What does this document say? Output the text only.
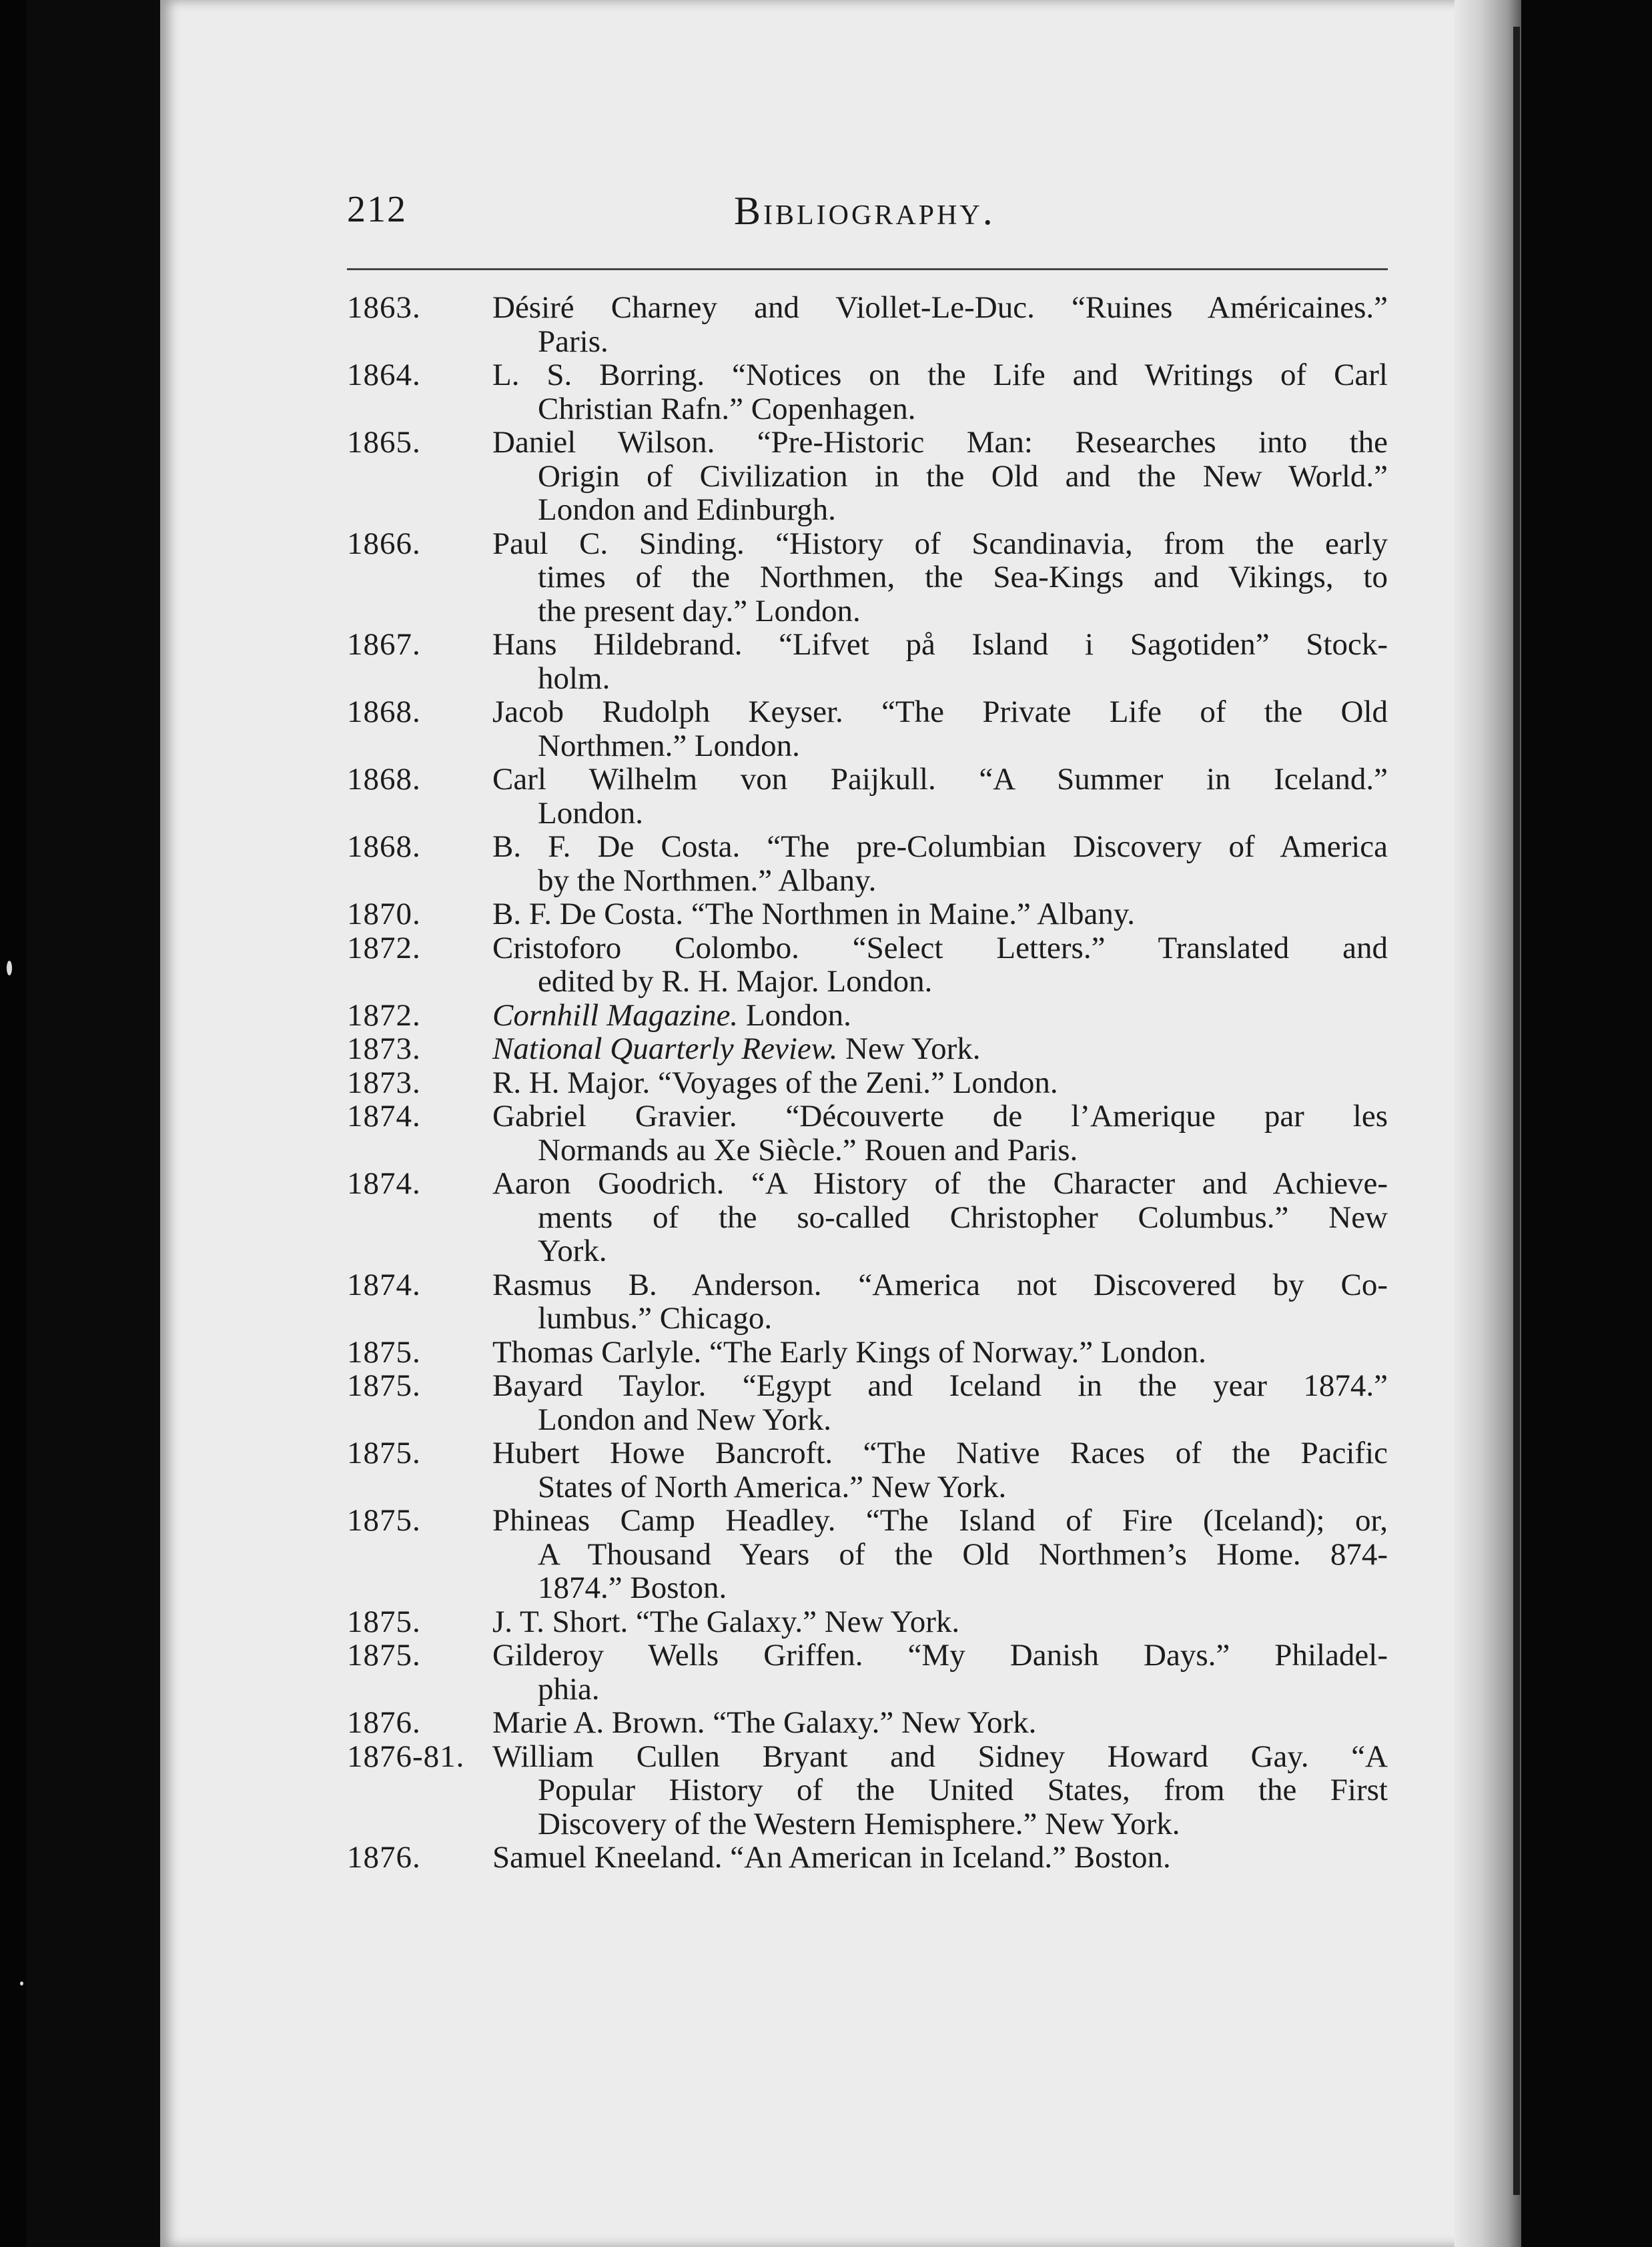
212	Bibliography.
1863. Désiré Charney and Viollet-Le-Duc. “Ruines Américaines.”
Paris.
1864. L. S. Borring. “Notices on the Life and Writings of Carl
Christian Rafn.” Copenhagen.
1865. Daniel Wilson. “Pre-Historic Man: Researches into the
Origin of Civilization in the Old and the New World.”
London and Edinburgh.
1866. Paul C. Sinding. “History of Scandinavia, from the early
times of the Northmen, the Sea-Kings and Vikings, to
the present day.” London.
1867. Hans Hildebrand. “Lifvet på Island i Sagotiden” Stock-
holm.
1868. Jacob Rudolph Keyser. “The Private Life of the Old
Northmen.” London.
1868. Carl Wilhelm von Paijkull. “A Summer in Iceland.”
London.
1868. B. F. De Costa. “The pre-Columbian Discovery of America
by the Northmen.” Albany.
1870. B. F. De Costa. “The Northmen in Maine.” Albany.
1872. Cristoforo Colombo. “Select Letters.” Translated and
edited by R. H. Major. London.
1872. Cornhill Magazine. London.
1873. National Quarterly Review. New York.
1873. R. H. Major. “Voyages of the Zeni.” London.
1874. Gabriel Gravier. “Découverte de l’Amerique par les
Normands au Xe Siècle.” Rouen and Paris.
1874. Aaron Goodrich. “A History of the Character and Achieve-
ments of the so-called Christopher Columbus.” New
York.
1874. Rasmus B. Anderson. “America not Discovered by Co-
lumbus.” Chicago.
1875. Thomas Carlyle. “The Early Kings of Norway.” London.
1875. Bayard Taylor. “Egypt and Iceland in the year 1874.”
London and New York.
1875. Hubert Howe Bancroft. “The Native Races of the Pacific
States of North America.” New York.
1875. Phineas Camp Headley. “The Island of Fire (Iceland); or,
A Thousand Years of the Old Northmen’s Home. 874-
1874.” Boston.
1875. J. T. Short. “The Galaxy.” New York.
1875. Gilderoy Wells Griffen. “My Danish Days.” Philadel-
phia.
1876. Marie A. Brown. “The Galaxy.” New York.
1876-81. William Cullen Bryant and Sidney Howard Gay. “A
Popular History of the United States, from the First
Discovery of the Western Hemisphere.” New York.
1876. Samuel Kneeland. “An American in Iceland.” Boston.
